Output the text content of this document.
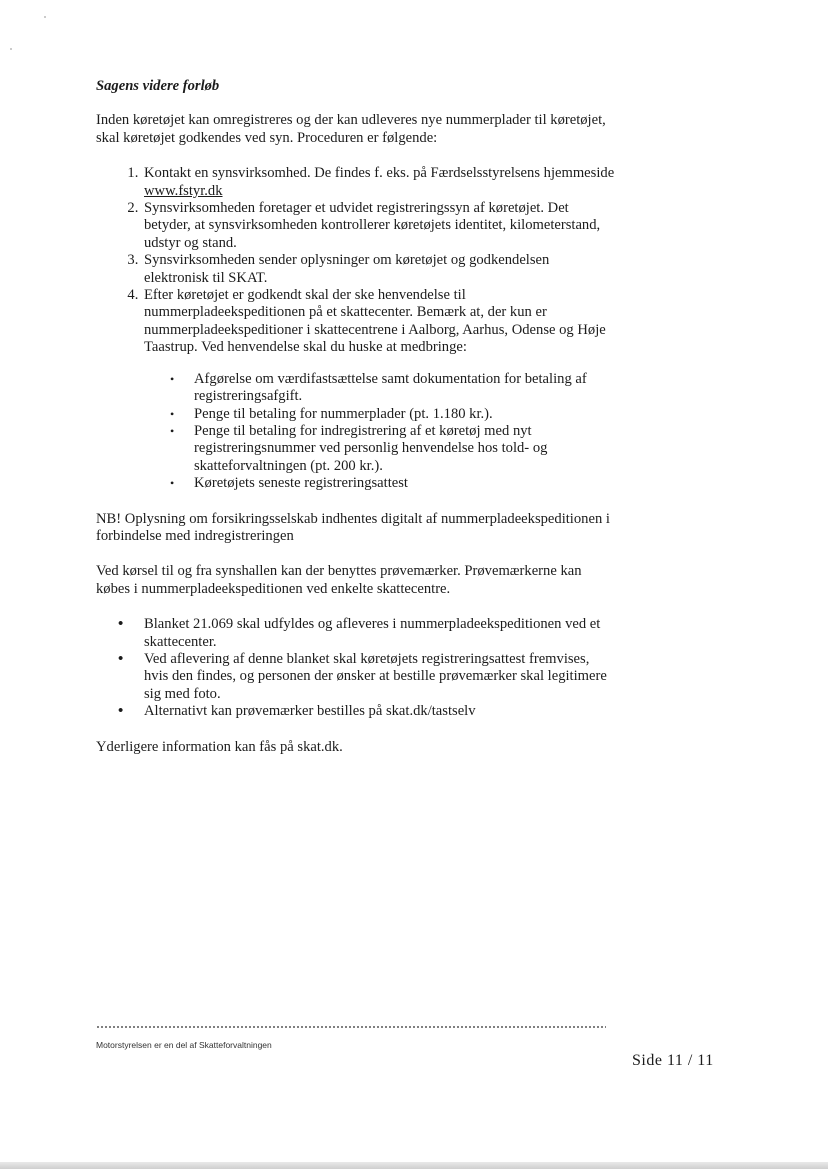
Sagens videre forløb

Inden køretøjet kan omregistreres og der kan udleveres nye nummerplader til køretøjet, skal køretøjet godkendes ved syn. Proceduren er følgende:

1. Kontakt en synsvirksomhed. De findes f. eks. på Færdselsstyrelsens hjemmeside www.fstyr.dk
2. Synsvirksomheden foretager et udvidet registreringssyn af køretøjet. Det betyder, at synsvirksomheden kontrollerer køretøjets identitet, kilometerstand, udstyr og stand.
3. Synsvirksomheden sender oplysninger om køretøjet og godkendelsen elektronisk til SKAT.
4. Efter køretøjet er godkendt skal der ske henvendelse til nummerpladeekspeditionen på et skattecenter. Bemærk at, der kun er nummerpladeekspeditioner i skattecentrene i Aalborg, Aarhus, Odense og Høje Taastrup. Ved henvendelse skal du huske at medbringe:
• Afgørelse om værdifastsættelse samt dokumentation for betaling af registreringsafgift.
• Penge til betaling for nummerplader (pt. 1.180 kr.).
• Penge til betaling for indregistrering af et køretøj med nyt registreringsnummer ved personlig henvendelse hos told- og skatteforvaltningen (pt. 200 kr.).
• Køretøjets seneste registreringsattest

NB! Oplysning om forsikringsselskab indhentes digitalt af nummerpladeekspeditionen i forbindelse med indregistreringen

Ved kørsel til og fra synshallen kan der benyttes prøvemærker. Prøvemærkerne kan købes i nummerpladeekspeditionen ved enkelte skattecentre.

• Blanket 21.069 skal udfyldes og afleveres i nummerpladeekspeditionen ved et skattecenter.
• Ved aflevering af denne blanket skal køretøjets registreringsattest fremvises, hvis den findes, og personen der ønsker at bestille prøvemærker skal legitimere sig med foto.
• Alternativt kan prøvemærker bestilles på skat.dk/tastselv

Yderligere information kan fås på skat.dk.

Motorstyrelsen er en del af Skatteforvaltningen
Side 11 / 11
